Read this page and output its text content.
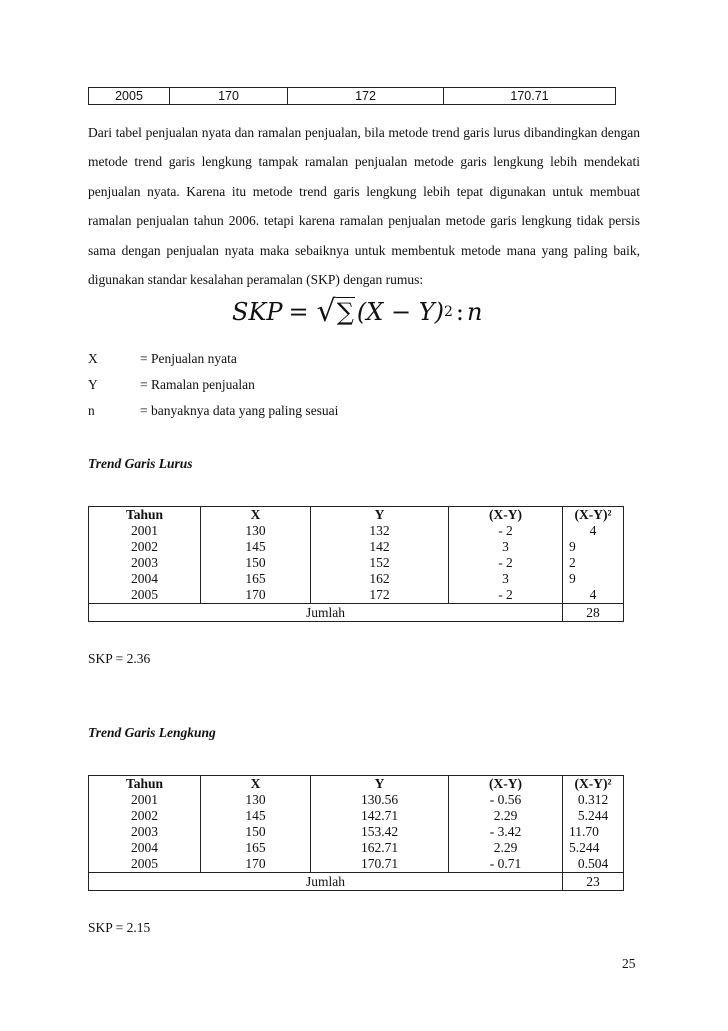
2005	170	172	170.71
Dari tabel penjualan nyata dan ramalan penjualan, bila metode trend garis lurus dibandingkan dengan metode trend garis lengkung tampak ramalan penjualan metode garis lengkung lebih mendekati penjualan nyata. Karena itu metode trend garis lengkung lebih tepat digunakan untuk membuat ramalan penjualan tahun 2006. tetapi karena ramalan penjualan metode garis lengkung tidak persis sama dengan penjualan nyata maka sebaiknya untuk membentuk metode mana yang paling baik, digunakan standar kesalahan peramalan (SKP) dengan rumus:
SKP = √ ∑ (X − Y) 2 : n
X	= Penjualan nyata
Y	= Ramalan penjualan
n	= banyaknya data yang paling sesuai
Trend Garis Lurus
Tahun	X	Y	(X-Y)	(X-Y)²
2001	130	132	- 2	4
2002	145	142	3	9
2003	150	152	- 2	2
2004	165	162	3	9
2005	170	172	- 2	4
Jumlah				28
SKP = 2.36
Trend Garis Lengkung
Tahun	X	Y	(X-Y)	(X-Y)²
2001	130	130.56	- 0.56	0.312
2002	145	142.71	2.29	5.244
2003	150	153.42	- 3.42	11.70
2004	165	162.71	2.29	5.244
2005	170	170.71	- 0.71	0.504
Jumlah				23
SKP = 2.15
25
